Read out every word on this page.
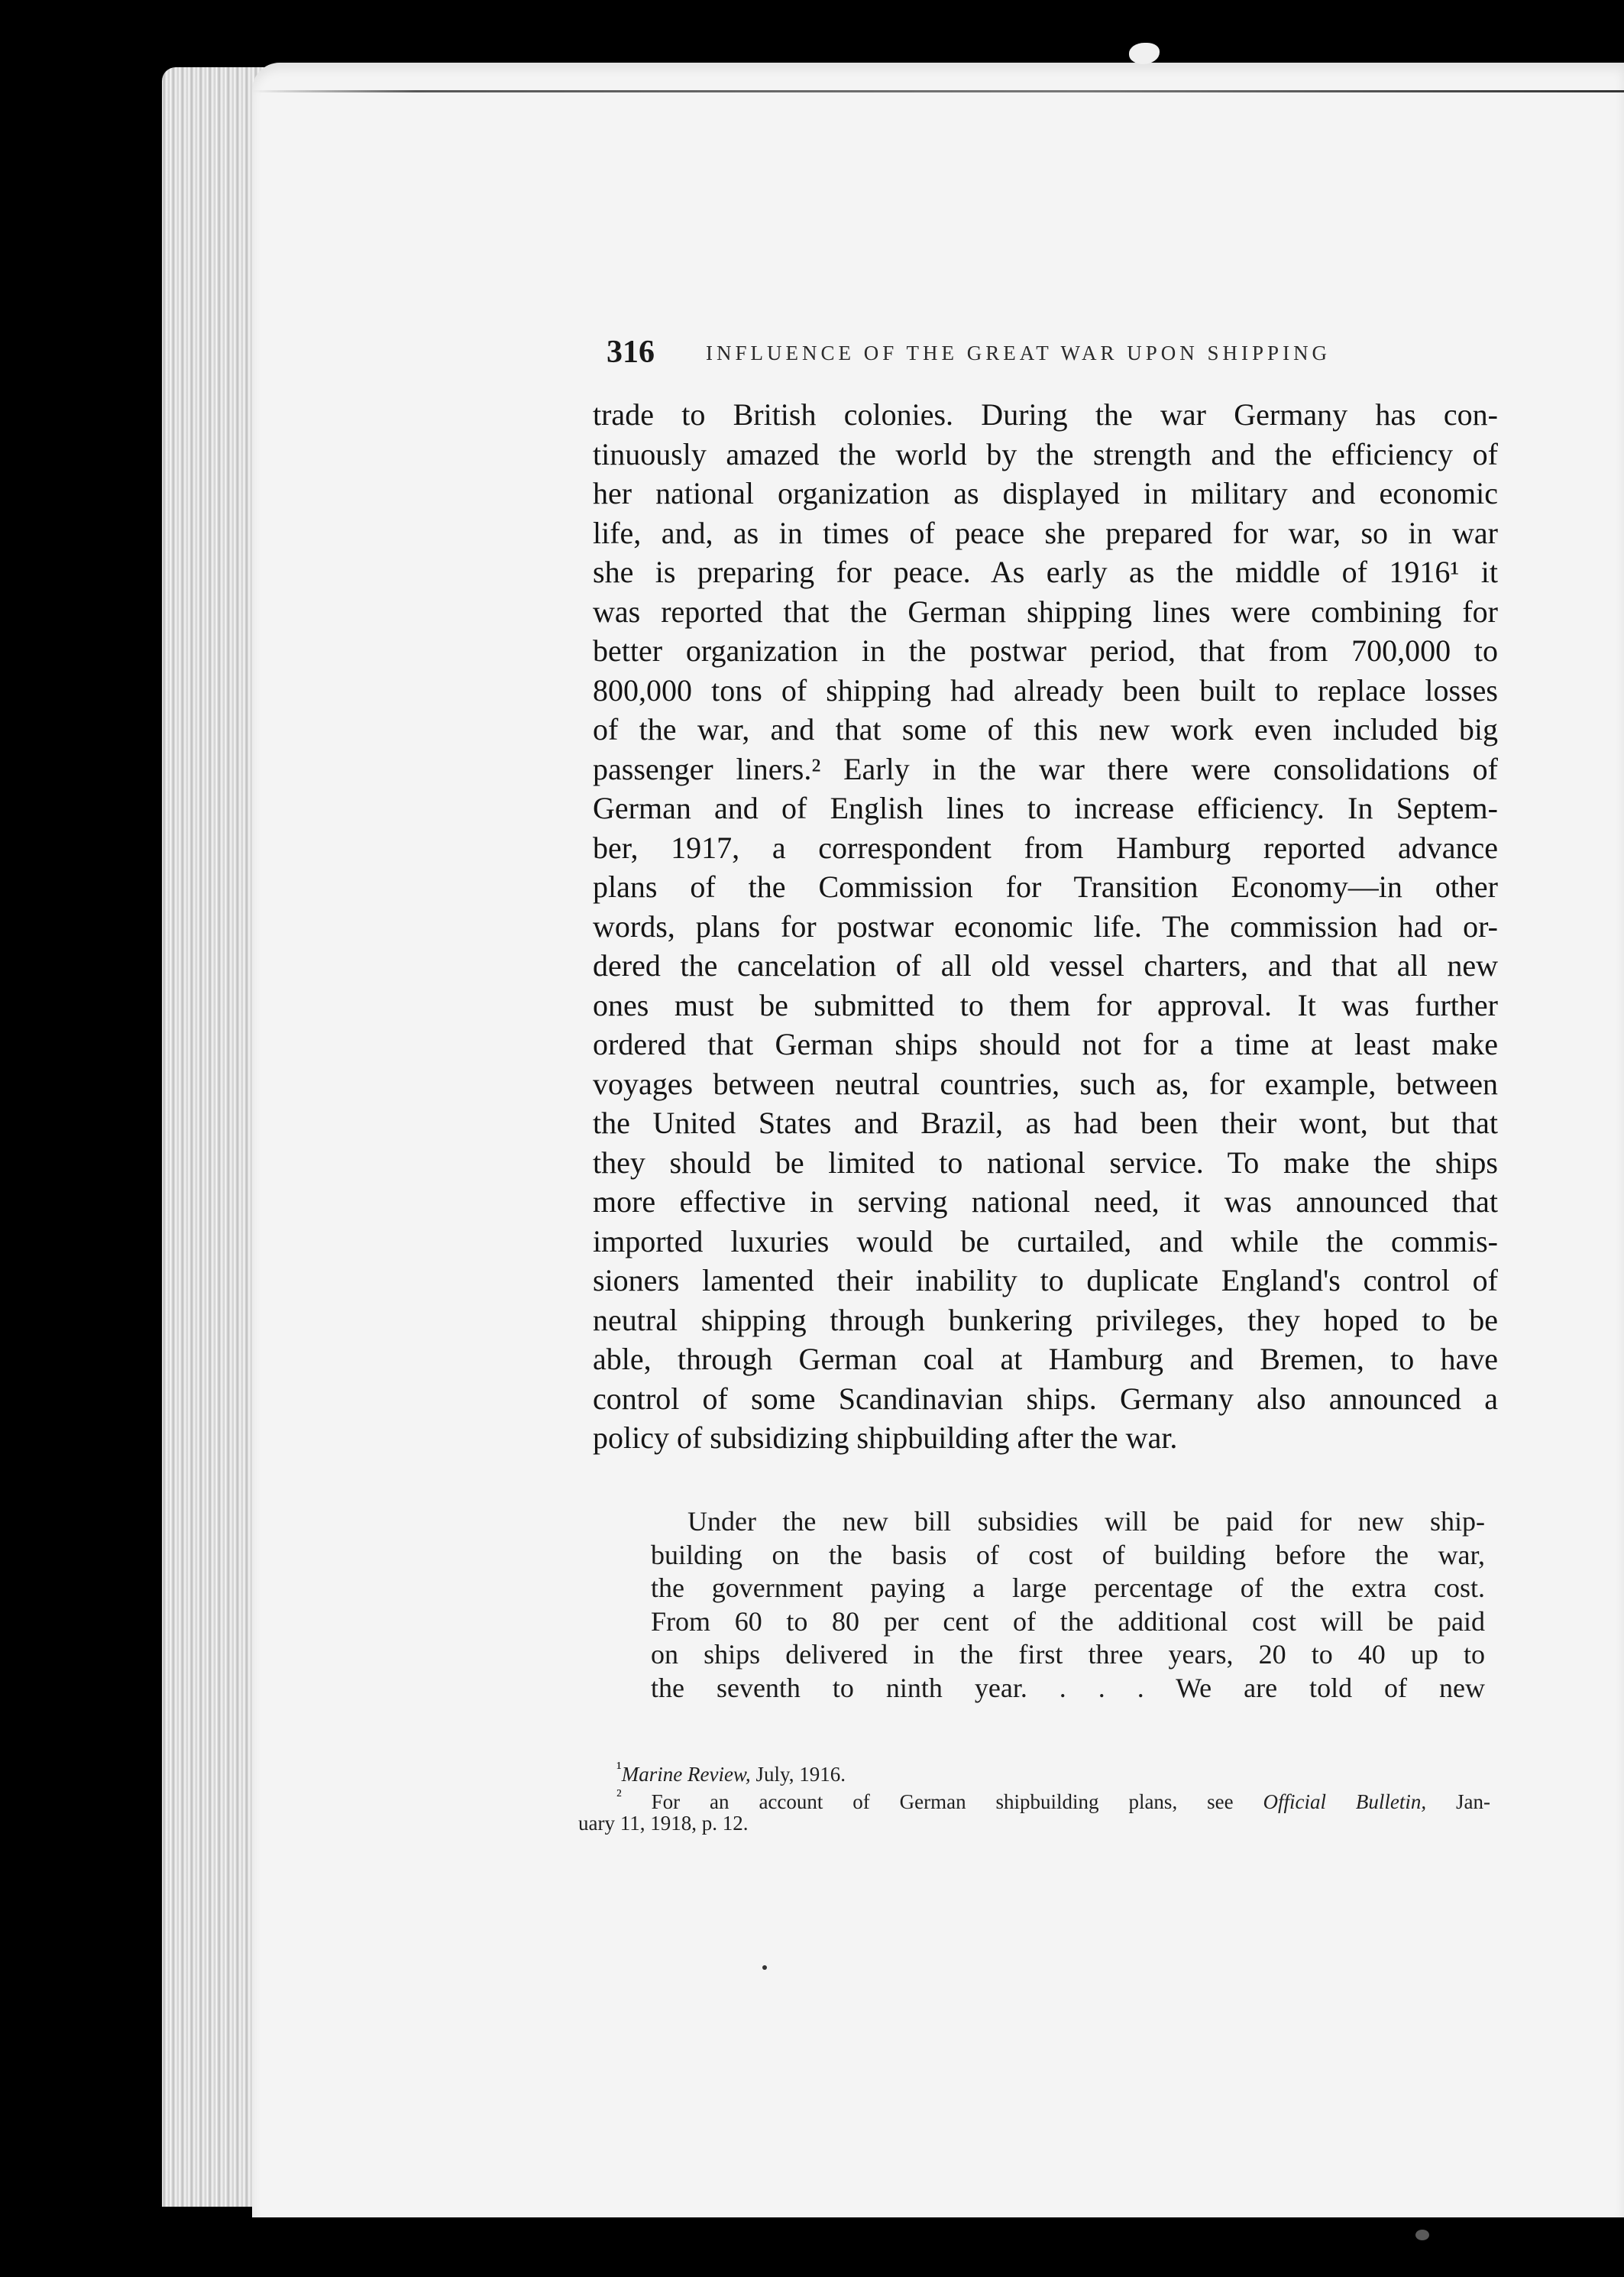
316 INFLUENCE OF THE GREAT WAR UPON SHIPPING
trade to British colonies. During the war Germany has con-
tinuously amazed the world by the strength and the efficiency of
her national organization as displayed in military and economic
life, and, as in times of peace she prepared for war, so in war
she is preparing for peace. As early as the middle of 1916¹ it
was reported that the German shipping lines were combining for
better organization in the postwar period, that from 700,000 to
800,000 tons of shipping had already been built to replace losses
of the war, and that some of this new work even included big
passenger liners.² Early in the war there were consolidations of
German and of English lines to increase efficiency. In Septem-
ber, 1917, a correspondent from Hamburg reported advance
plans of the Commission for Transition Economy—in other
words, plans for postwar economic life. The commission had or-
dered the cancelation of all old vessel charters, and that all new
ones must be submitted to them for approval. It was further
ordered that German ships should not for a time at least make
voyages between neutral countries, such as, for example, between
the United States and Brazil, as had been their wont, but that
they should be limited to national service. To make the ships
more effective in serving national need, it was announced that
imported luxuries would be curtailed, and while the commis-
sioners lamented their inability to duplicate England's control of
neutral shipping through bunkering privileges, they hoped to be
able, through German coal at Hamburg and Bremen, to have
control of some Scandinavian ships. Germany also announced a
policy of subsidizing shipbuilding after the war.
Under the new bill subsidies will be paid for new ship-
building on the basis of cost of building before the war,
the government paying a large percentage of the extra cost.
From 60 to 80 per cent of the additional cost will be paid
on ships delivered in the first three years, 20 to 40 up to
the seventh to ninth year. . . . We are told of new
$^{^1}$Marine Review, July, 1916.
$^{^2}$ For an account of German shipbuilding plans, see Official Bulletin, Jan-
uary 11, 1918, p. 12.
